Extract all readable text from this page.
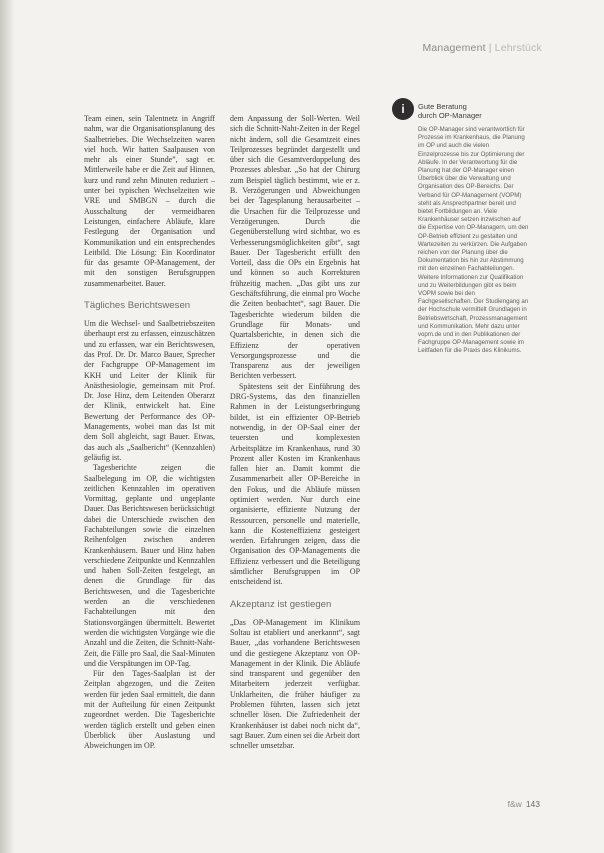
Management | Lehrstück

Team einen, sein Talentnetz in Angriff nahm, war die Organisationsplanung des Saalbetriebes. Die Wechselzeiten waren viel hoch. Wir hatten Saalpausen von mehr als einer Stunde”, sagt er. Mittlerweile habe er die Zeit auf Hinnen, kurz und rund zehn Minuten reduziert – unter bei typischen Wechselzeiten wie VRE und SMBGN – durch die Ausschaltung der vermeidbaren Leistungen, einfachere Abläufe, klare Festlegung der Organisation und Kommunikation und ein entsprechendes Leitbild. Die Lösung: Ein Koordinator für das gesamte OP-Management, der mit den sonstigen Berufsgruppen zusammenarbeitet. Bauer.

Tägliches Berichtswesen

Um die Wechsel- und Saalbetriebszeiten überhaupt erst zu erfassen, einzuschätzen und zu erfassen, war ein Berichtswesen, das Prof. Dr. Dr. Marco Bauer, Sprecher der Fachgruppe OP-Management im KKH und Leiter der Klinik für Anästhesiologie, gemeinsam mit Prof. Dr. Jose Hinz, dem Leitenden Oberarzt der Klinik, entwickelt hat. Eine Bewertung der Performance des OP-Managements, wobei man das Ist mit dem Soll abgleicht, sagt Bauer. Etwas, das auch als „Saalbericht“ (Kennzahlen) geläufig ist.

Tagesberichte zeigen die Saalbelegung im OP, die wichtigsten zeitlichen Kennzahlen im operativen Vormittag, geplante und ungeplante Dauer. Das Berichtswesen berücksichtigt dabei die Unterschiede zwischen den Fachabteilungen sowie die einzelnen Reihenfolgen zwischen anderen Krankenhäusern. Bauer und Hinz haben verschiedene Zeitpunkte und Kennzahlen und haben Soll-Zeiten festgelegt, an denen die Grundlage für das Berichtswesen, und die Tagesberichte werden an die verschiedenen Fachabteilungen mit den Stationsvorgängen übermittelt. Bewertet werden die wichtigsten Vorgänge wie die Anzahl und die Zeiten, die Schnitt-Naht-Zeit, die Fälle pro Saal, die Saal-Minuten und die Verspätungen im OP-Tag.

Für den Tages-Saalplan ist der Zeitplan abgezogen, und die Zeiten werden für jeden Saal ermittelt, die dann mit der Aufteilung für einen Zeitpunkt zugeordnet werden. Die Tagesberichte werden täglich erstellt und geben einen Überblick über Auslastung und Abweichungen im OP.

dem Anpassung der Soll-Werten. Weil sich die Schnitt-Naht-Zeiten in der Regel nicht ändern, soll die Gesamtzeit eines Teilprozesses begründet dargestellt und über sich die Gesamtverdoppelung des Prozesses ablesbar. „So hat der Chirurg zum Beispiel täglich bestimmt, wie er z. B. Verzögerungen und Abweichungen bei der Tagesplanung herausarbeitet – die Ursachen für die Teilprozesse und Verzögerungen. Durch die Gegenüberstellung wird sichtbar, wo es Verbesserungsmöglichkeiten gibt“, sagt Bauer. Der Tagesbericht erfüllt den Vorteil, dass die OPs ein Ergebnis hat und können so auch Korrekturen frühzeitig machen. „Das gibt uns zur Geschäftsführung, die einmal pro Woche die Zeiten beobachtet“, sagt Bauer. Die Tagesberichte wiederum bilden die Grundlage für Monats- und Quartalsberichte, in denen sich die Effizienz der operativen Versorgungsprozesse und die Transparenz aus der jeweiligen Berichten verbessert.

Spätestens seit der Einführung des DRG-Systems, das den finanziellen Rahmen in der Leistungserbringung bildet, ist ein effizienter OP-Betrieb notwendig, in der OP-Saal einer der teuersten und komplexesten Arbeitsplätze im Krankenhaus, rund 30 Prozent aller Kosten im Krankenhaus fallen hier an. Damit kommt die Zusammenarbeit aller OP-Bereiche in den Fokus, und die Abläufe müssen optimiert werden. Nur durch eine organisierte, effiziente Nutzung der Ressourcen, personelle und materielle, kann die Kosteneffizienz gesteigert werden. Erfahrungen zeigen, dass die Organisation des OP-Managements die Effizienz verbessert und die Beteiligung sämtlicher Berufsgruppen im OP entscheidend ist.

Akzeptanz ist gestiegen

„Das OP-Management im Klinikum Soltau ist etabliert und anerkannt“, sagt Bauer, „das vorhandene Berichtswesen und die gestiegene Akzeptanz von OP-Management in der Klinik. Die Abläufe sind transparent und gegenüber den Mitarbeitern jederzeit verfügbar. Unklarheiten, die früher häufiger zu Problemen führten, lassen sich jetzt schneller lösen. Die Zufriedenheit der Krankenhäuser ist dabei noch nicht da“, sagt Bauer. Zum einen sei die Arbeit dort schneller umsetzbar.

i	Gute Beratung
durch OP-Manager
Die OP-Manager sind verantwortlich für Prozesse im Krankenhaus, die Planung im OP und auch die vielen Einzelprozesse bis zur Optimierung der Abläufe. In der Verantwortung für die Planung hat der OP-Manager einen Überblick über die Verwaltung und Organisation des OP-Bereichs. Der Verband für OP-Management (VOPM) steht als Ansprechpartner bereit und bietet Fortbildungen an. Viele Krankenhäuser setzen inzwischen auf die Expertise von OP-Managern, um den OP-Betrieb effizient zu gestalten und Wartezeiten zu verkürzen. Die Aufgaben reichen von der Planung über die Dokumentation bis hin zur Abstimmung mit den einzelnen Fachabteilungen. Weitere Informationen zur Qualifikation und zu Weiterbildungen gibt es beim VOPM sowie bei den Fachgesellschaften. Der Studiengang an der Hochschule vermittelt Grundlagen in Betriebswirtschaft, Prozessmanagement und Kommunikation. Mehr dazu unter vopm.de und in den Publikationen der Fachgruppe OP-Management sowie im Leitfaden für die Praxis des Klinikums.
f&w 143
